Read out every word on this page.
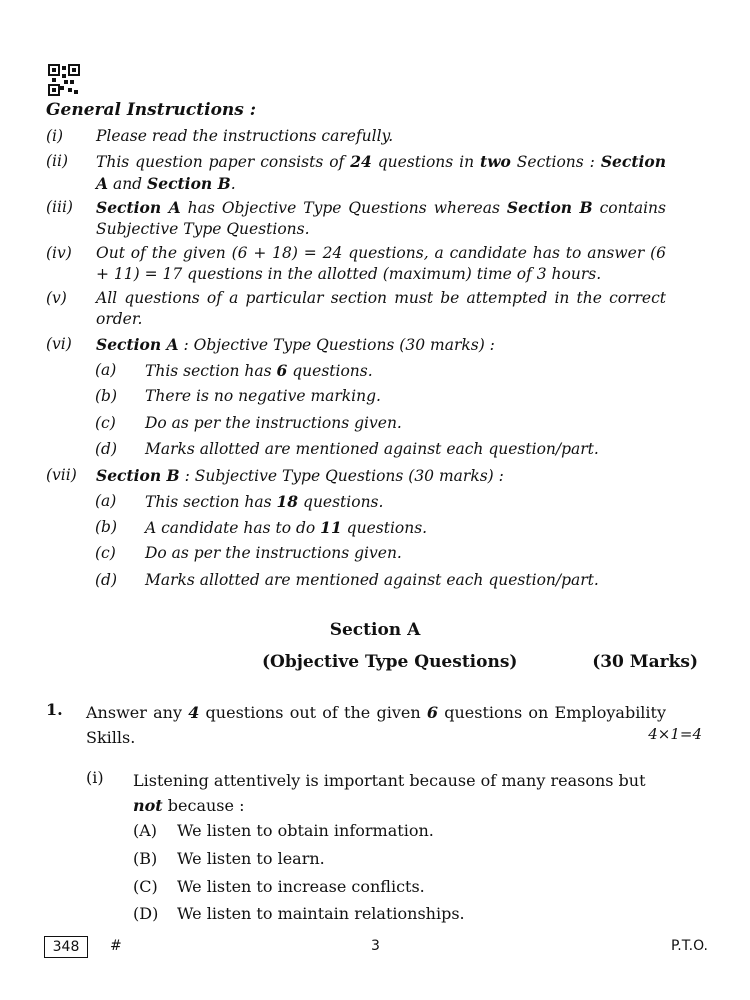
General Instructions :
(i) Please read the instructions carefully.
(ii) This question paper consists of 24 questions in two Sections : Section A and Section B.
(iii) Section A has Objective Type Questions whereas Section B contains Subjective Type Questions.
(iv) Out of the given (6 + 18) = 24 questions, a candidate has to answer (6 + 11) = 17 questions in the allotted (maximum) time of 3 hours.
(v) All questions of a particular section must be attempted in the correct order.
(vi) Section A : Objective Type Questions (30 marks) :
(a) This section has 6 questions.
(b) There is no negative marking.
(c) Do as per the instructions given.
(d) Marks allotted are mentioned against each question/part.
(vii) Section B : Subjective Type Questions (30 marks) :
(a) This section has 18 questions.
(b) A candidate has to do 11 questions.
(c) Do as per the instructions given.
(d) Marks allotted are mentioned against each question/part.
Section A
(Objective Type Questions)	(30 Marks)
1. Answer any 4 questions out of the given 6 questions on Employability Skills.	4×1=4
(i) Listening attentively is important because of many reasons but not because :
(A) We listen to obtain information.
(B) We listen to learn.
(C) We listen to increase conflicts.
(D) We listen to maintain relationships.
348	#	3	P.T.O.
